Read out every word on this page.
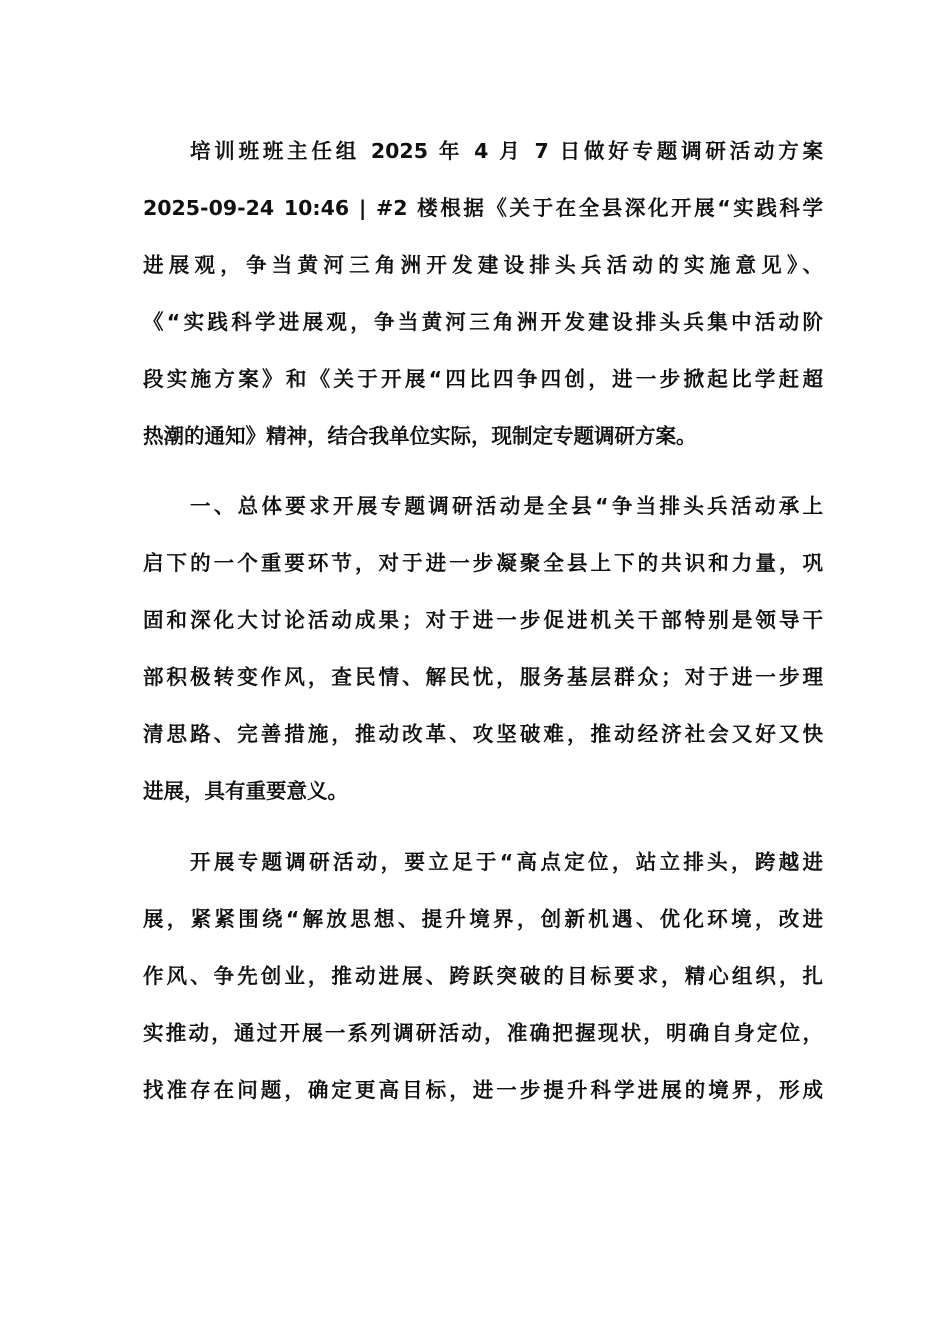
培训班班主任组 2025 年 4 月 7 日做好专题调研活动方案

2025-09-24 10:46 | #2 楼根据《关于在全县深化开展“实践科学

进展观，争当黄河三角洲开发建设排头兵活动的实施意见》、

《“实践科学进展观，争当黄河三角洲开发建设排头兵集中活动阶

段实施方案》和《关于开展“四比四争四创，进一步掀起比学赶超

热潮的通知》精神，结合我单位实际，现制定专题调研方案。

一、总体要求开展专题调研活动是全县“争当排头兵活动承上

启下的一个重要环节，对于进一步凝聚全县上下的共识和力量，巩

固和深化大讨论活动成果；对于进一步促进机关干部特别是领导干

部积极转变作风，查民情、解民忧，服务基层群众；对于进一步理

清思路、完善措施，推动改革、攻坚破难，推动经济社会又好又快

进展，具有重要意义。

开展专题调研活动，要立足于“高点定位，站立排头，跨越进

展，紧紧围绕“解放思想、提升境界，创新机遇、优化环境，改进

作风、争先创业，推动进展、跨跃突破的目标要求，精心组织，扎

实推动，通过开展一系列调研活动，准确把握现状，明确自身定位，

找准存在问题，确定更高目标，进一步提升科学进展的境界，形成
